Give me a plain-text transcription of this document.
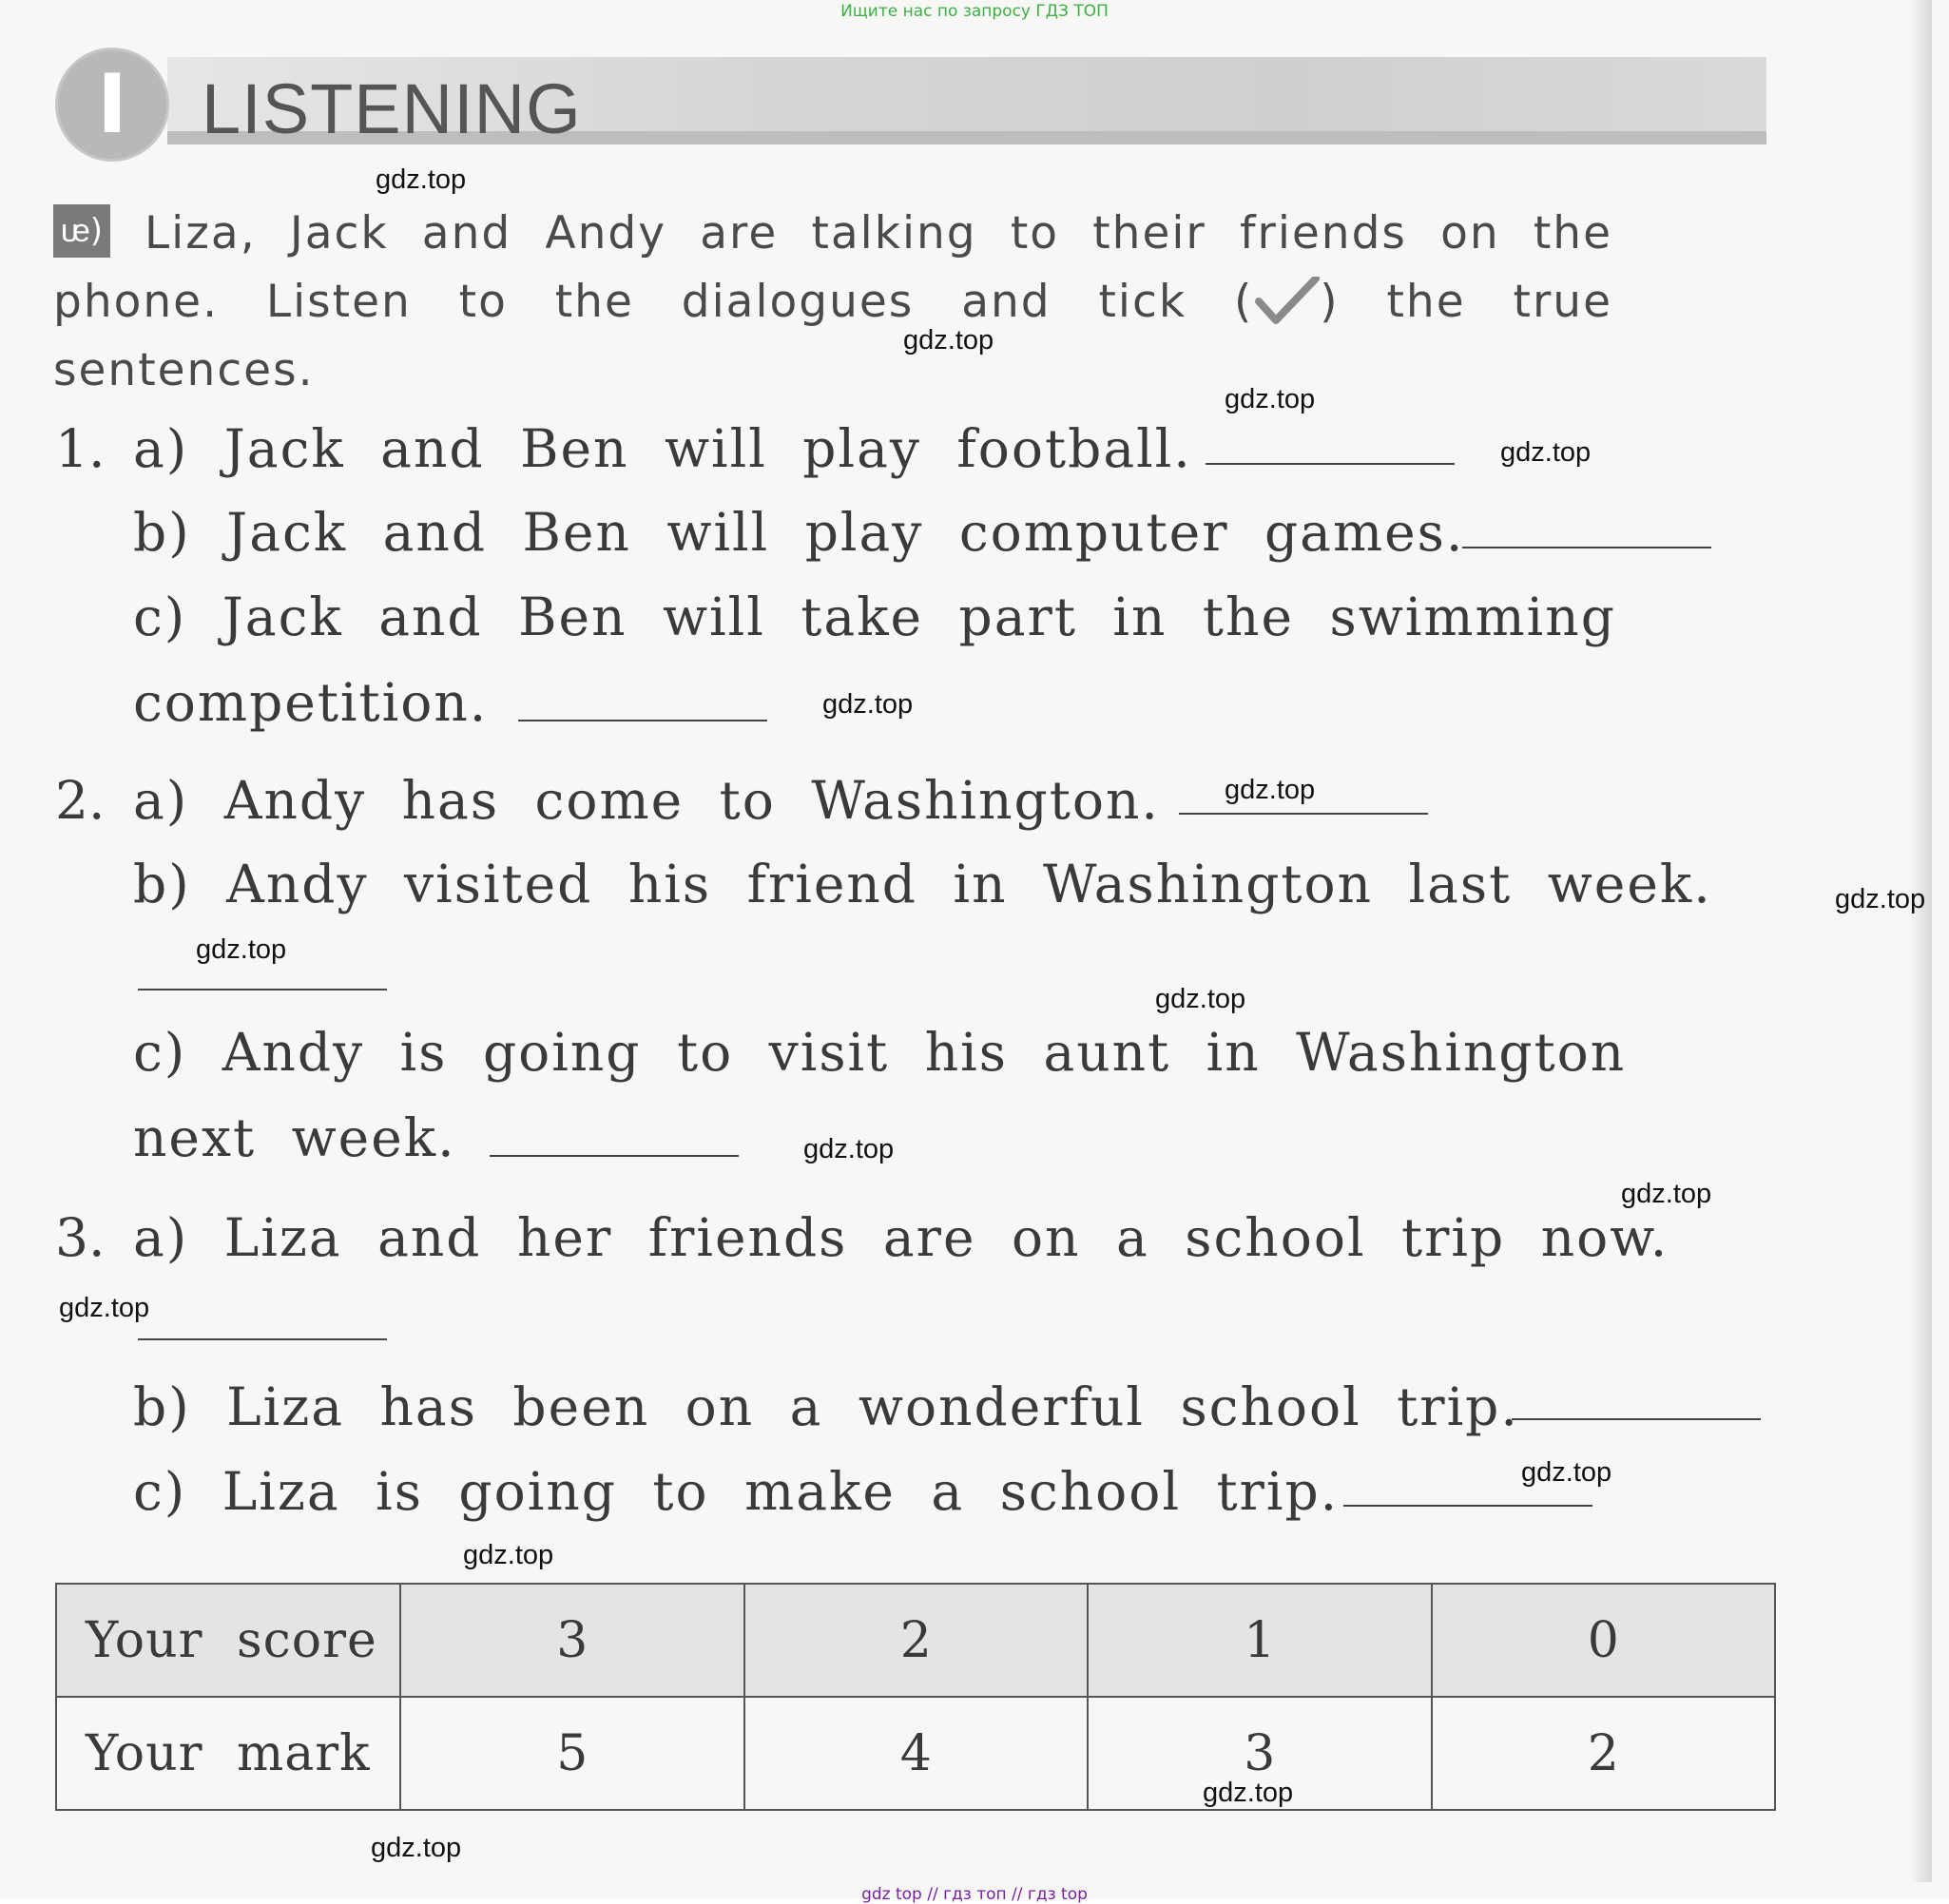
Ищите нас по запросу ГДЗ ТОП
I	LISTENING
ᵫ) Liza, Jack and Andy are talking to their friends on the phone. Listen to the dialogues and tick ( ) the true sentences.
1. a) Jack and Ben will play football.
b) Jack and Ben will play computer games.
c) Jack and Ben will take part in the swimming
competition.
2. a) Andy has come to Washington.
b) Andy visited his friend in Washington last week.
c) Andy is going to visit his aunt in Washington
next week.
3. a) Liza and her friends are on a school trip now.
b) Liza has been on a wonderful school trip.
c) Liza is going to make a school trip.
Your score	3	2	1	0
Your mark	5	4	3	2
gdz.top
gdz.top
gdz.top
gdz.top
gdz.top
gdz.top
gdz.top
gdz.top
gdz.top
gdz.top
gdz.top
gdz.top
gdz.top
gdz.top
gdz.top
gdz.top
gdz top // гдз топ // гдз top
